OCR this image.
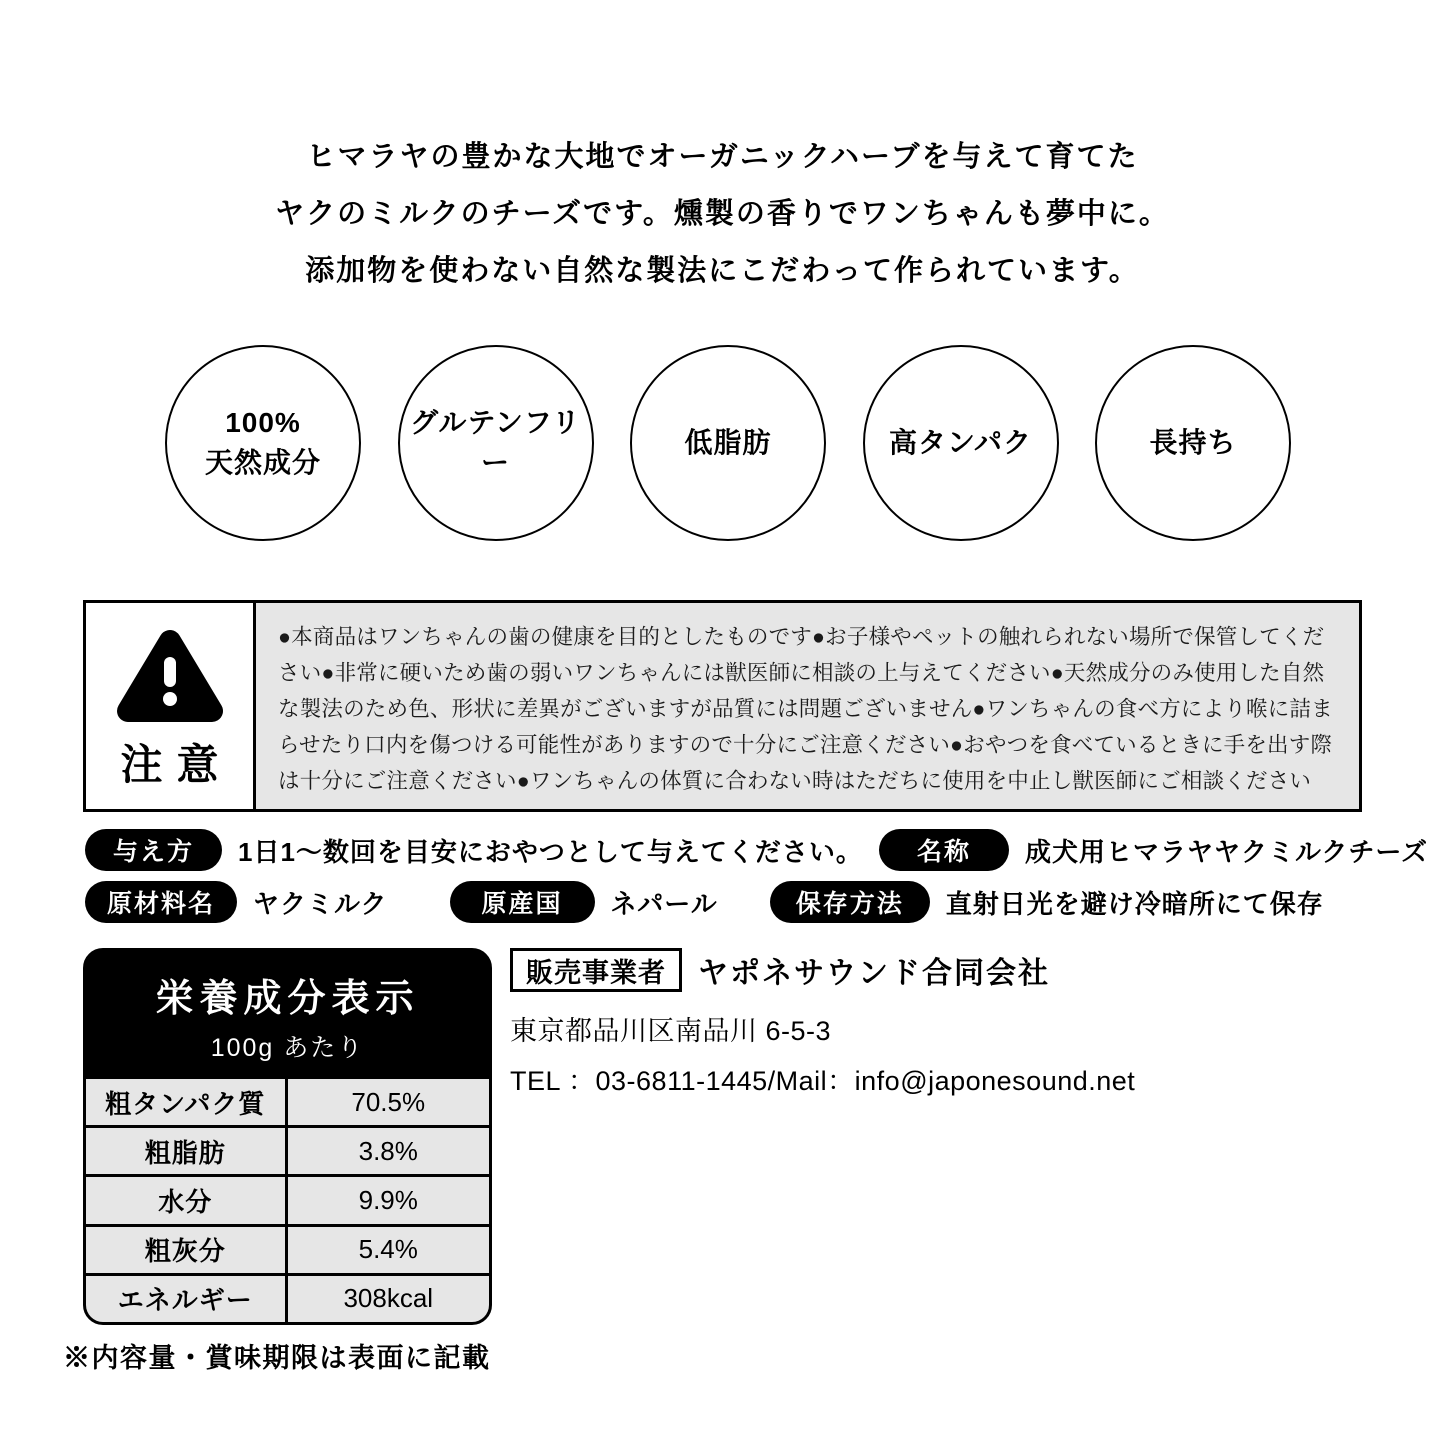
ヒマラヤの豊かな大地でオーガニックハーブを与えて育てた
ヤクのミルクのチーズです。燻製の香りでワンちゃんも夢中に。
添加物を使わない自然な製法にこだわって作られています。
100%
天然成分
グルテンフリー
低脂肪	高タンパク	長持ち
注意
●本商品はワンちゃんの歯の健康を目的としたものです●お子様やペットの触れられない場所で保管してください●非常に硬いため歯の弱いワンちゃんには獣医師に相談の上与えてください●天然成分のみ使用した自然な製法のため色、形状に差異がございますが品質には問題ございません●ワンちゃんの食べ方により喉に詰まらせたり口内を傷つける可能性がありますので十分にご注意ください●おやつを食べているときに手を出す際は十分にご注意ください●ワンちゃんの体質に合わない時はただちに使用を中止し獣医師にご相談ください
与え方	1日1〜数回を目安におやつとして与えてください。	名称	成犬用ヒマラヤヤクミルクチーズ
原材料名	ヤクミルク	原産国	ネパール	保存方法	直射日光を避け冷暗所にて保存
栄養成分表示
100g あたり
粗タンパク質	70.5%
粗脂肪	3.8%
水分	9.9%
粗灰分	5.4%
エネルギー	308kcal
販売事業者	ヤポネサウンド合同会社
東京都品川区南品川 6-5-3
TEL ：03-6811-1445/Mail：info@japonesound.net
※内容量・賞味期限は表面に記載
